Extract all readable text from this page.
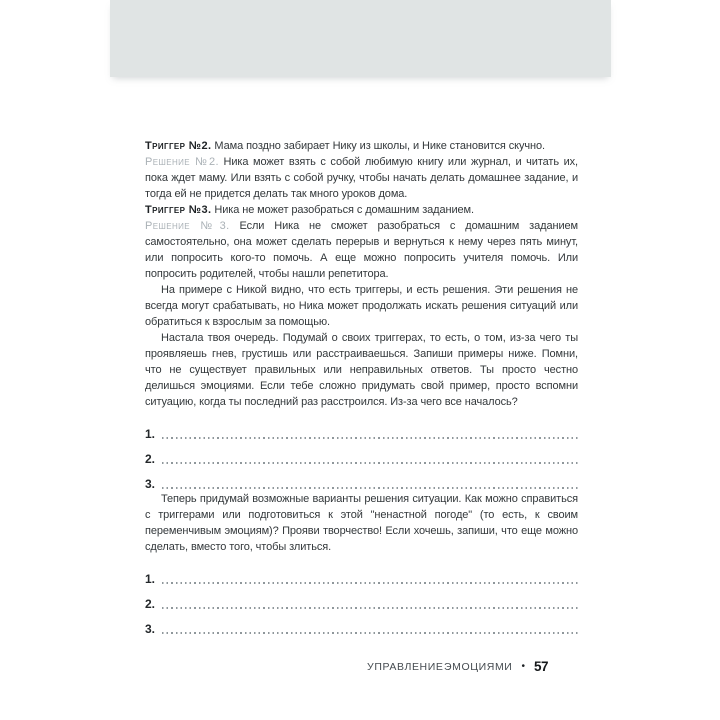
Триггер №2. Мама поздно забирает Нику из школы, и Нике становится скучно.

Решение №2. Ника может взять с собой любимую книгу или журнал, и читать их, пока ждет маму. Или взять с собой ручку, чтобы начать делать домашнее задание, и тогда ей не придется делать так много уроков дома.

Триггер №3. Ника не может разобраться с домашним заданием.

Решение №3. Если Ника не сможет разобраться с домашним заданием самостоятельно, она может сделать перерыв и вернуться к нему через пять минут, или попросить кого-то помочь. А еще можно попросить учителя помочь. Или попросить родителей, чтобы нашли репетитора.

На примере с Никой видно, что есть триггеры, и есть решения. Эти решения не всегда могут срабатывать, но Ника может продолжать искать решения ситуаций или обратиться к взрослым за помощью.

Настала твоя очередь. Подумай о своих триггерах, то есть, о том, из-за чего ты проявляешь гнев, грустишь или расстраиваешься. Запиши примеры ниже. Помни, что не существует правильных или неправильных ответов. Ты просто честно делишься эмоциями. Если тебе сложно придумать свой пример, просто вспомни ситуацию, когда ты последний раз расстроился. Из-за чего все началось?

1.
2.
3.

Теперь придумай возможные варианты решения ситуации. Как можно справиться с триггерами или подготовиться к этой "ненастной погоде" (то есть, к своим переменчивым эмоциям)? Прояви творчество! Если хочешь, запиши, что еще можно сделать, вместо того, чтобы злиться.

1.
2.
3.
УПРАВЛЕНИЕ ЭМОЦИЯМИ • 57
